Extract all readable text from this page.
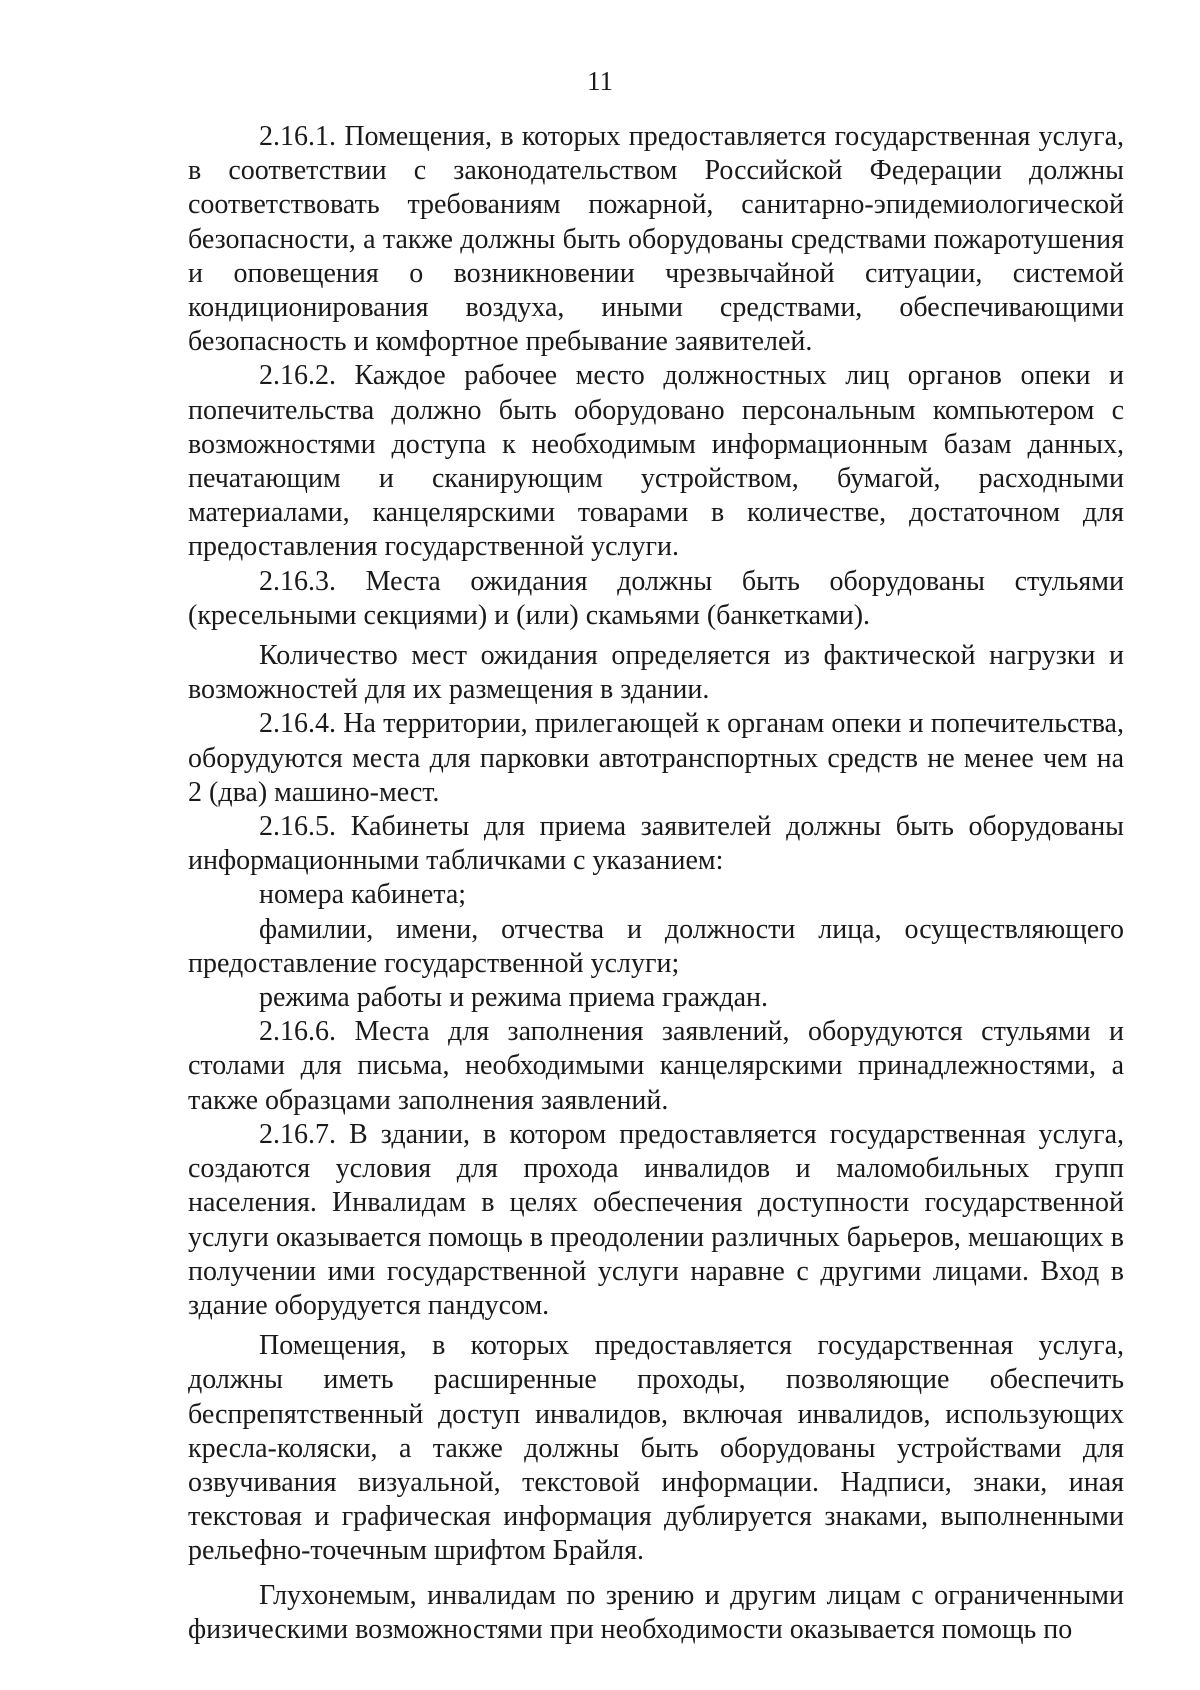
11

2.16.1. Помещения, в которых предоставляется государственная услуга, в соответствии с законодательством Российской Федерации должны соответствовать требованиям пожарной, санитарно-эпидемиологической безопасности, а также должны быть оборудованы средствами пожаротушения и оповещения о возникновении чрезвычайной ситуации, системой кондиционирования воздуха, иными средствами, обеспечивающими безопасность и комфортное пребывание заявителей.

2.16.2. Каждое рабочее место должностных лиц органов опеки и попечительства должно быть оборудовано персональным компьютером с возможностями доступа к необходимым информационным базам данных, печатающим и сканирующим устройством, бумагой, расходными материалами, канцелярскими товарами в количестве, достаточном для предоставления государственной услуги.

2.16.3. Места ожидания должны быть оборудованы стульями (кресельными секциями) и (или) скамьями (банкетками).

Количество мест ожидания определяется из фактической нагрузки и возможностей для их размещения в здании.

2.16.4. На территории, прилегающей к органам опеки и попечительства, оборудуются места для парковки автотранспортных средств не менее чем на 2 (два) машино-мест.

2.16.5. Кабинеты для приема заявителей должны быть оборудованы информационными табличками с указанием:

номера кабинета;

фамилии, имени, отчества и должности лица, осуществляющего предоставление государственной услуги;

режима работы и режима приема граждан.

2.16.6. Места для заполнения заявлений, оборудуются стульями и столами для письма, необходимыми канцелярскими принадлежностями, а также образцами заполнения заявлений.

2.16.7. В здании, в котором предоставляется государственная услуга, создаются условия для прохода инвалидов и маломобильных групп населения. Инвалидам в целях обеспечения доступности государственной услуги оказывается помощь в преодолении различных барьеров, мешающих в получении ими государственной услуги наравне с другими лицами. Вход в здание оборудуется пандусом.

Помещения, в которых предоставляется государственная услуга, должны иметь расширенные проходы, позволяющие обеспечить беспрепятственный доступ инвалидов, включая инвалидов, использующих кресла-коляски, а также должны быть оборудованы устройствами для озвучивания визуальной, текстовой информации. Надписи, знаки, иная текстовая и графическая информация дублируется знаками, выполненными рельефно-точечным шрифтом Брайля.

Глухонемым, инвалидам по зрению и другим лицам с ограниченными физическими возможностями при необходимости оказывается помощь по
